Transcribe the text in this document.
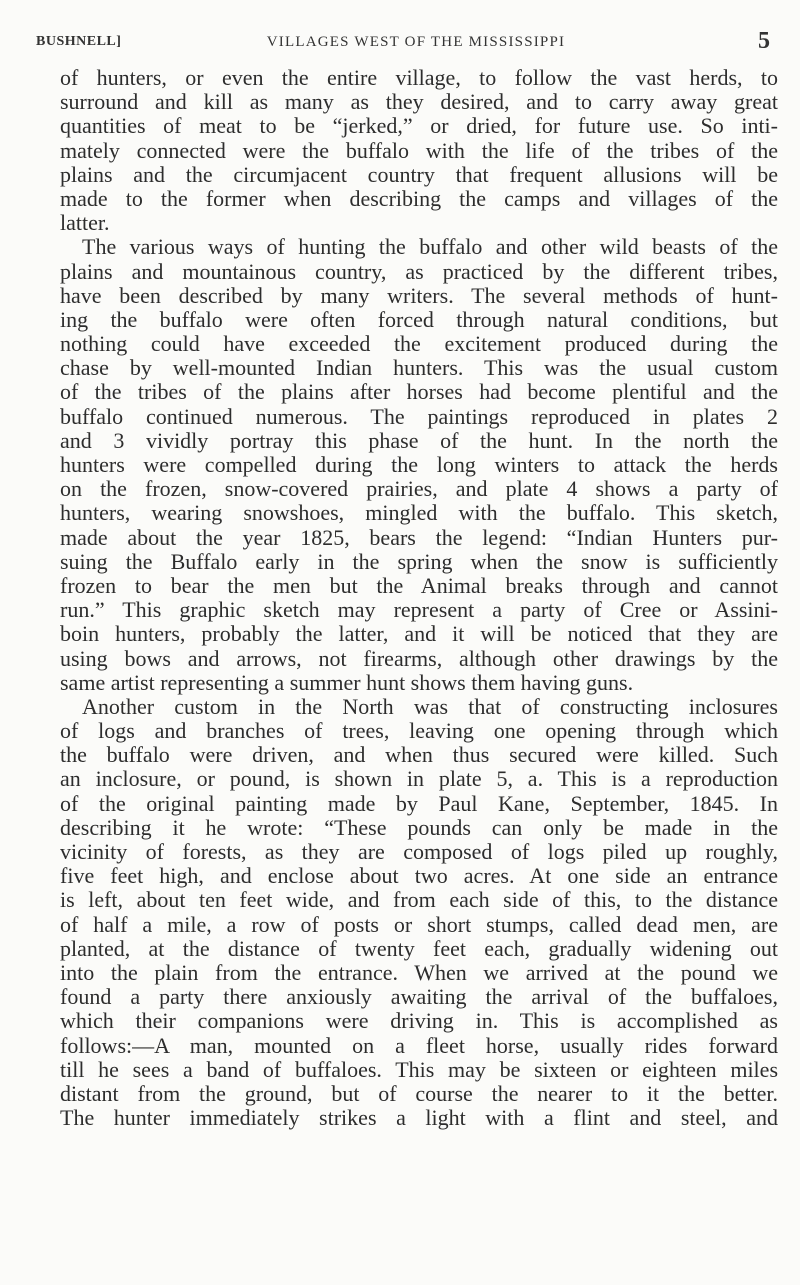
BUSHNELL]	VILLAGES WEST OF THE MISSISSIPPI	5
of hunters, or even the entire village, to follow the vast herds, to
surround and kill as many as they desired, and to carry away great
quantities of meat to be “jerked,” or dried, for future use. So inti-
mately connected were the buffalo with the life of the tribes of the
plains and the circumjacent country that frequent allusions will be
made to the former when describing the camps and villages of the
latter.
The various ways of hunting the buffalo and other wild beasts of the
plains and mountainous country, as practiced by the different tribes,
have been described by many writers. The several methods of hunt-
ing the buffalo were often forced through natural conditions, but
nothing could have exceeded the excitement produced during the
chase by well-mounted Indian hunters. This was the usual custom
of the tribes of the plains after horses had become plentiful and the
buffalo continued numerous. The paintings reproduced in plates 2
and 3 vividly portray this phase of the hunt. In the north the
hunters were compelled during the long winters to attack the herds
on the frozen, snow-covered prairies, and plate 4 shows a party of
hunters, wearing snowshoes, mingled with the buffalo. This sketch,
made about the year 1825, bears the legend: “Indian Hunters pur-
suing the Buffalo early in the spring when the snow is sufficiently
frozen to bear the men but the Animal breaks through and cannot
run.” This graphic sketch may represent a party of Cree or Assini-
boin hunters, probably the latter, and it will be noticed that they are
using bows and arrows, not firearms, although other drawings by the
same artist representing a summer hunt shows them having guns.
Another custom in the North was that of constructing inclosures
of logs and branches of trees, leaving one opening through which
the buffalo were driven, and when thus secured were killed. Such
an inclosure, or pound, is shown in plate 5, a. This is a reproduction
of the original painting made by Paul Kane, September, 1845. In
describing it he wrote: “These pounds can only be made in the
vicinity of forests, as they are composed of logs piled up roughly,
five feet high, and enclose about two acres. At one side an entrance
is left, about ten feet wide, and from each side of this, to the distance
of half a mile, a row of posts or short stumps, called dead men, are
planted, at the distance of twenty feet each, gradually widening out
into the plain from the entrance. When we arrived at the pound we
found a party there anxiously awaiting the arrival of the buffaloes,
which their companions were driving in. This is accomplished as
follows:—A man, mounted on a fleet horse, usually rides forward
till he sees a band of buffaloes. This may be sixteen or eighteen miles
distant from the ground, but of course the nearer to it the better.
The hunter immediately strikes a light with a flint and steel, and
